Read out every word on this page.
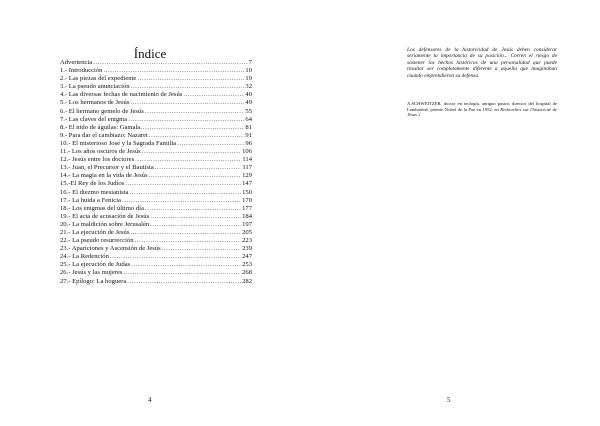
Índice
Advertencia .....	7
1.- Introducción .....	10
2.- Las piezas del expediente .....	19
3.- La pseudo anunciación .....	32
4.- Las diversas fechas de nacimiento de Jesús .....	40
5.- Los hermanos de Jesús .....	49
6.- El hermano gemelo de Jesús .....	55
7.- Las claves del enigma .....	64
8.- El nido de águilas: Gamala. .....	81
9.- Para dar el cambiazo: Nazaret .....	91
10.- El misterioso José y la Sagrada Familia .....	96
11.- Los años oscuros de Jesús .....	106
12.- Jesús entre los doctores .....	114
13.- Juan, el Precursor y el Bautista .....	117
14.- La magia en la vida de Jesús .....	129
15.-El Rey de los Judíos .....	147
16.- El diezmo mesianista .....	150
17.- La huida a Fenicia .....	170
18.- Los enigmas del último día .....	177
19.- El acta de acusación de Jesús .....	184
20.- La maldición sobre Jerusalén .....	197
21.- La ejecución de Jesús .....	205
22.- La pseudo resurrección .....	223
23.- Apariciones y Ascensión de Jesús .....	239
24.- La Redención .....	247
25.- La ejecución de Judas .....	253
26.- Jesús y las mujeres .....	268
27.- Epílogo: La hoguera .....	282
4
Los defensores de la historicidad de Jesús deben considerar seriamente la importancia de su posición... Corren el riesgo de sostener los hechos históricos de una personalidad que puede resultar ser completamente diferente a aquella que imaginaban cuando emprendieron su defensa.
A.SCHWEITZER, doctor en teología, antiguo pastor, director del hospital de Lambaréné, premio Nobel de la Paz en 1952, en Recherches sur l'historicité de Jésus.)
5
